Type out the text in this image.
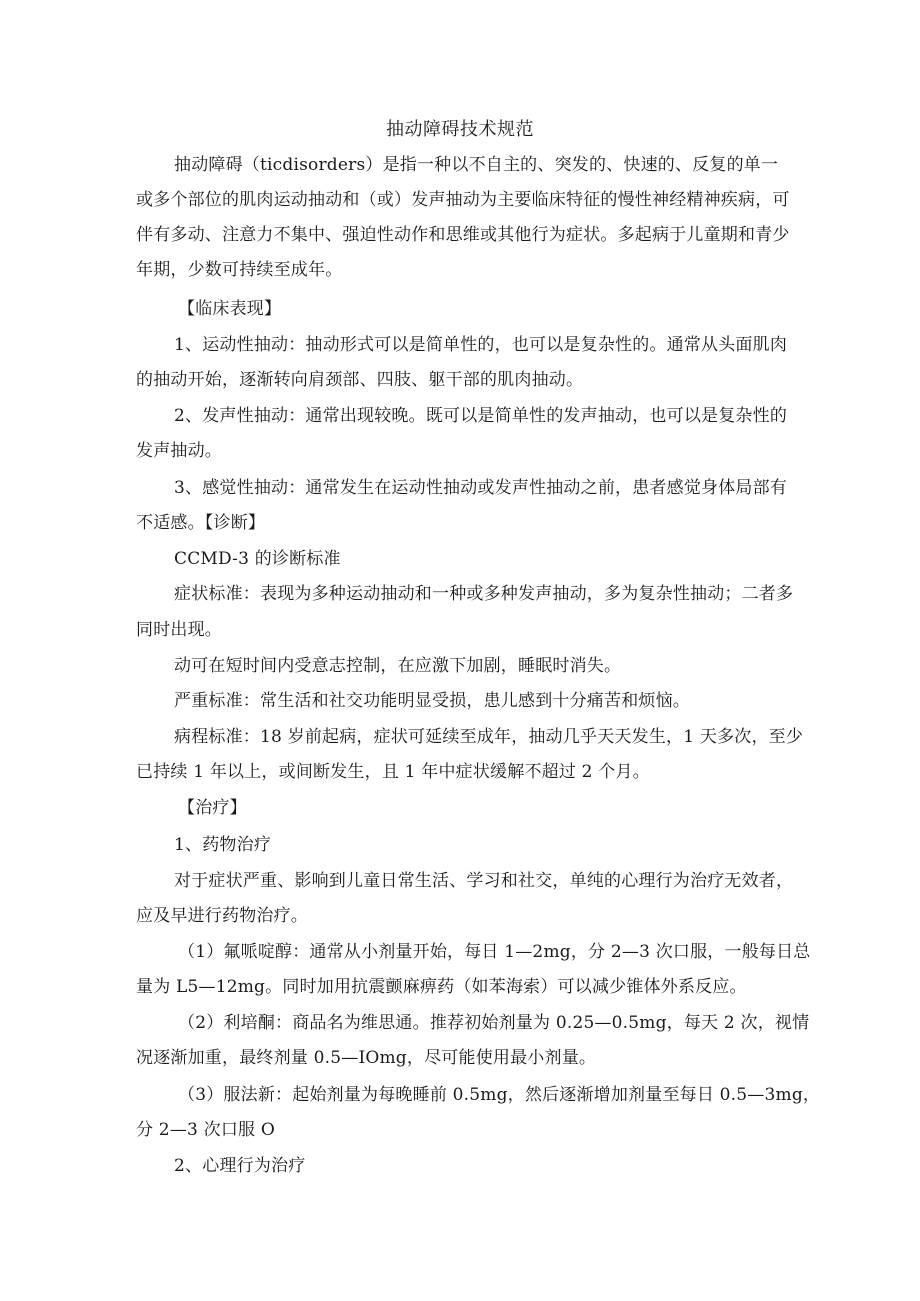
抽动障碍技术规范
抽动障碍（ticdisorders）是指一种以不自主的、突发的、快速的、反复的单一
或多个部位的肌肉运动抽动和（或）发声抽动为主要临床特征的慢性神经精神疾病，可
伴有多动、注意力不集中、强迫性动作和思维或其他行为症状。多起病于儿童期和青少
年期，少数可持续至成年。
【临床表现】
1、运动性抽动：抽动形式可以是简单性的，也可以是复杂性的。通常从头面肌肉
的抽动开始，逐渐转向肩颈部、四肢、躯干部的肌肉抽动。
2、发声性抽动：通常出现较晚。既可以是简单性的发声抽动，也可以是复杂性的
发声抽动。
3、感觉性抽动：通常发生在运动性抽动或发声性抽动之前，患者感觉身体局部有
不适感。【诊断】
CCMD-3 的诊断标准
症状标准：表现为多种运动抽动和一种或多种发声抽动，多为复杂性抽动；二者多
同时出现。
动可在短时间内受意志控制，在应激下加剧，睡眠时消失。
严重标准：常生活和社交功能明显受损，患儿感到十分痛苦和烦恼。
病程标准：18 岁前起病，症状可延续至成年，抽动几乎天天发生，1 天多次，至少
已持续 1 年以上，或间断发生，且 1 年中症状缓解不超过 2 个月。
【治疗】
1、药物治疗
对于症状严重、影响到儿童日常生活、学习和社交，单纯的心理行为治疗无效者，
应及早进行药物治疗。
（1）氟哌啶醇：通常从小剂量开始，每日 1—2mg，分 2—3 次口服，一般每日总
量为 L5—12mg。同时加用抗震颤麻痹药（如苯海索）可以减少锥体外系反应。
（2）利培酮：商品名为维思通。推荐初始剂量为 0.25—0.5mg，每天 2 次，视情
况逐渐加重，最终剂量 0.5—IOmg，尽可能使用最小剂量。
（3）服法新：起始剂量为每晚睡前 0.5mg，然后逐渐增加剂量至每日 0.5—3mg，
分 2—3 次口服 O
2、心理行为治疗
